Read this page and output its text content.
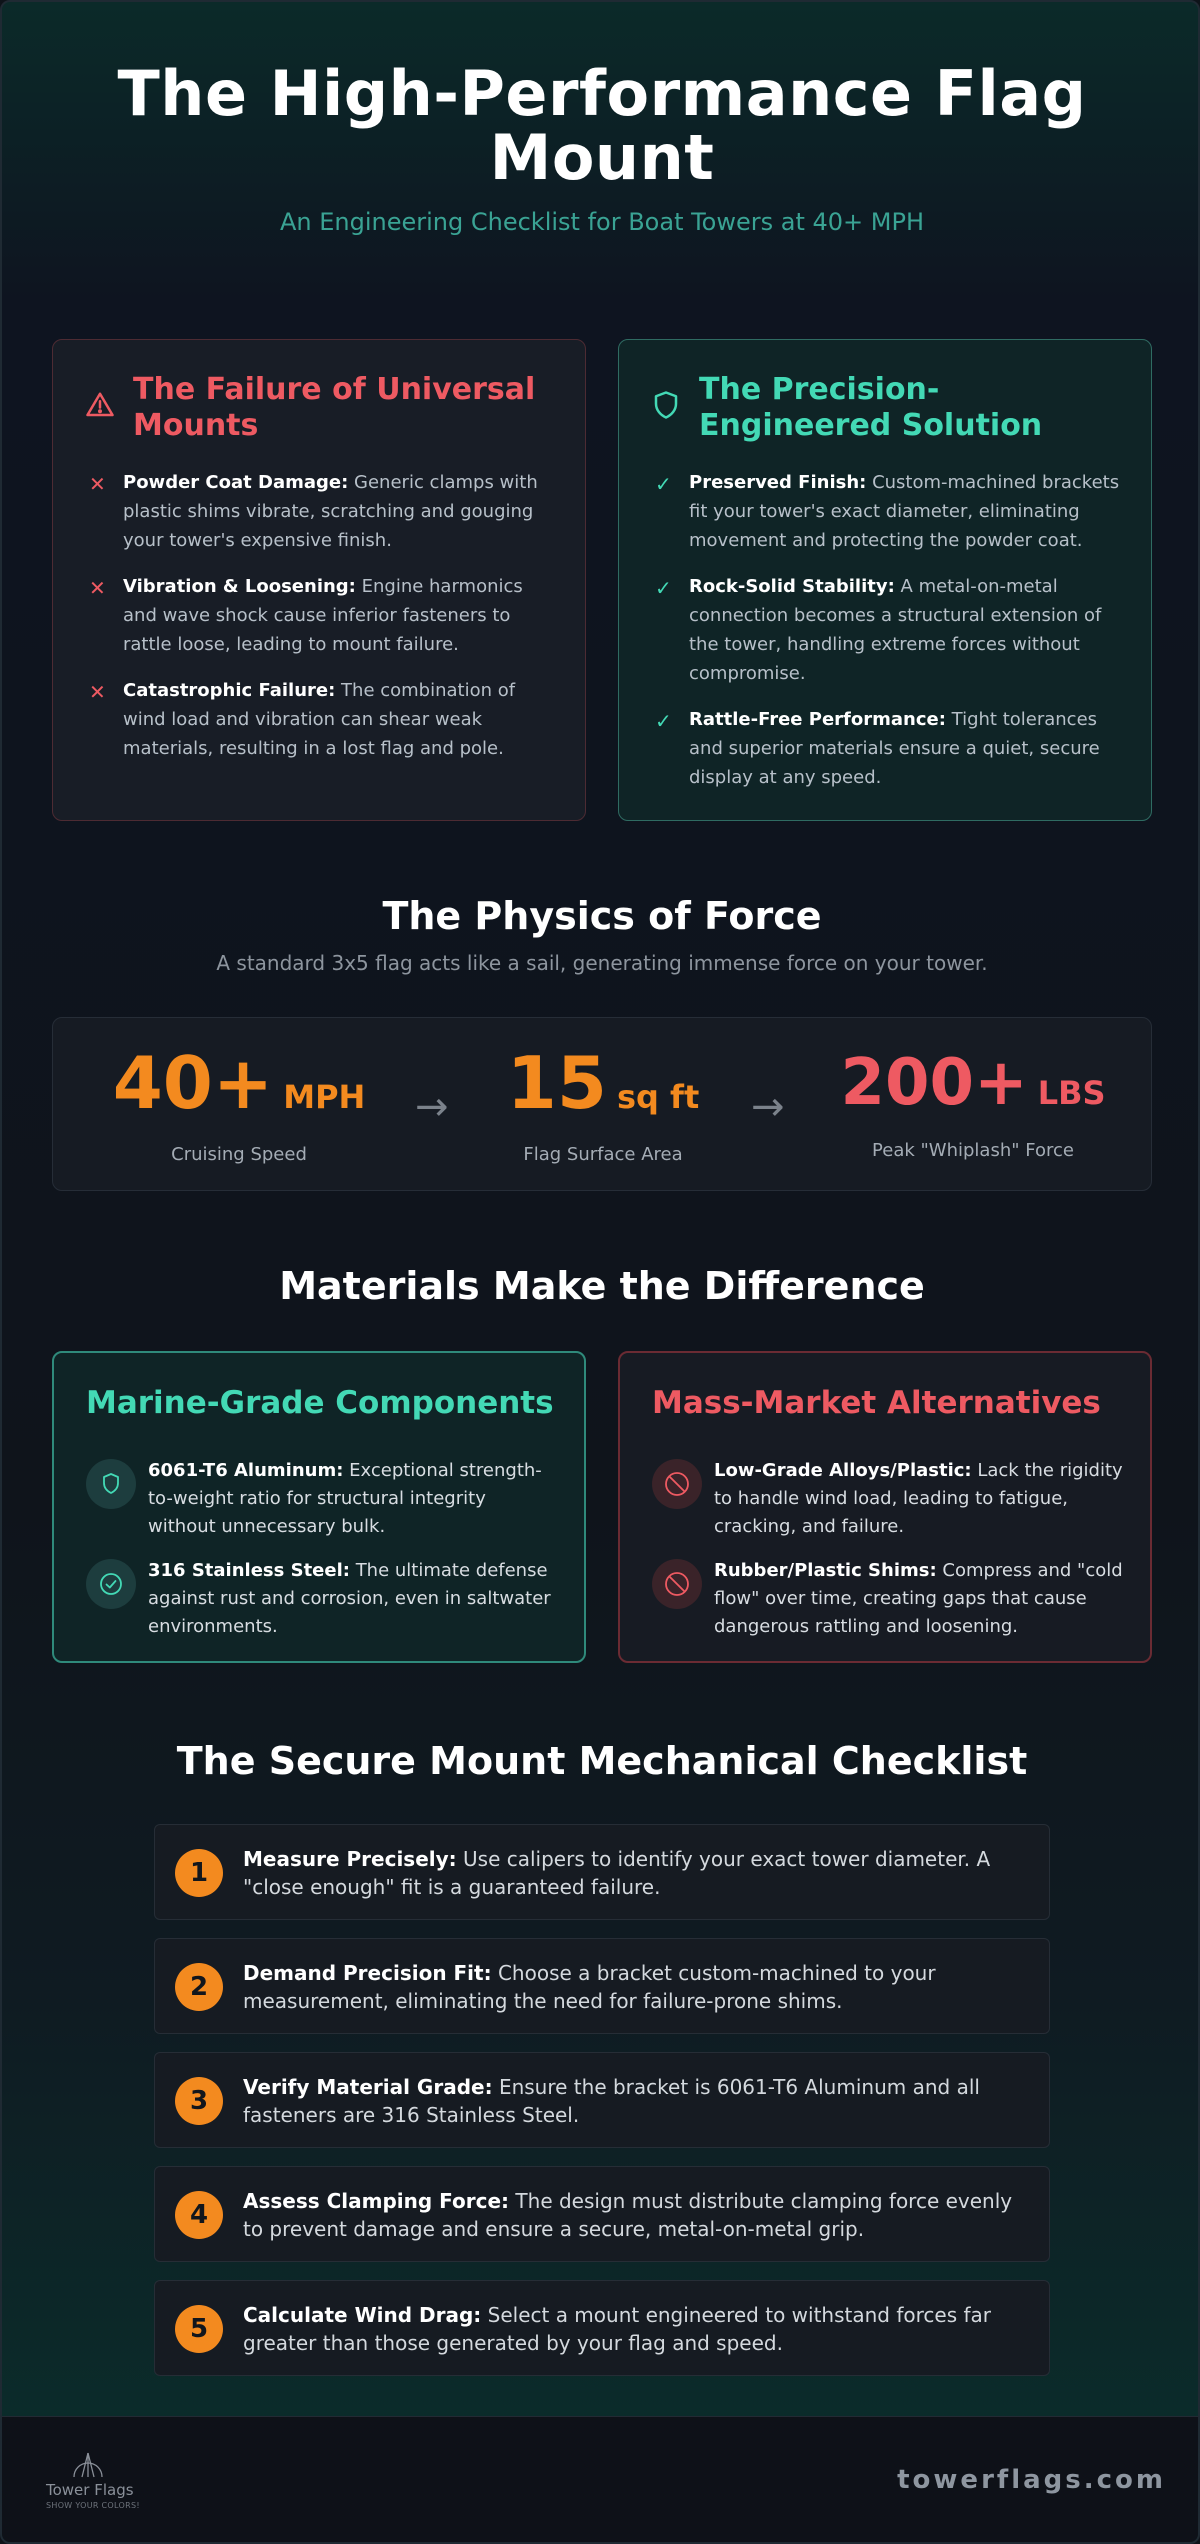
The High-Performance Flag Mount
An Engineering Checklist for Boat Towers at 40+ MPH
The Failure of Universal Mounts
✕ Powder Coat Damage: Generic clamps with plastic shims vibrate, scratching and gouging your tower's expensive finish.
✕ Vibration & Loosening: Engine harmonics and wave shock cause inferior fasteners to rattle loose, leading to mount failure.
✕ Catastrophic Failure: The combination of wind load and vibration can shear weak materials, resulting in a lost flag and pole.
The Precision-Engineered Solution
✓ Preserved Finish: Custom-machined brackets fit your tower's exact diameter, eliminating movement and protecting the powder coat.
✓ Rock-Solid Stability: A metal-on-metal connection becomes a structural extension of the tower, handling extreme forces without compromise.
✓ Rattle-Free Performance: Tight tolerances and superior materials ensure a quiet, secure display at any speed.
The Physics of Force
A standard 3x5 flag acts like a sail, generating immense force on your tower.
40+ MPH
Cruising Speed
→ 15 sq ft
Flag Surface Area
→ 200+ LBS
Peak "Whiplash" Force
Materials Make the Difference
Marine-Grade Components
6061-T6 Aluminum: Exceptional strength-to-weight ratio for structural integrity without unnecessary bulk.
316 Stainless Steel: The ultimate defense against rust and corrosion, even in saltwater environments.
Mass-Market Alternatives
Low-Grade Alloys/Plastic: Lack the rigidity to handle wind load, leading to fatigue, cracking, and failure.
Rubber/Plastic Shims: Compress and "cold flow" over time, creating gaps that cause dangerous rattling and loosening.
The Secure Mount Mechanical Checklist
1	Measure Precisely: Use calipers to identify your exact tower diameter. A "close enough" fit is a guaranteed failure.
2	Demand Precision Fit: Choose a bracket custom-machined to your measurement, eliminating the need for failure-prone shims.
3	Verify Material Grade: Ensure the bracket is 6061-T6 Aluminum and all fasteners are 316 Stainless Steel.
4	Assess Clamping Force: The design must distribute clamping force evenly to prevent damage and ensure a secure, metal-on-metal grip.
5	Calculate Wind Drag: Select a mount engineered to withstand forces far greater than those generated by your flag and speed.
Tower Flags
SHOW YOUR COLORS!
towerflags.com
